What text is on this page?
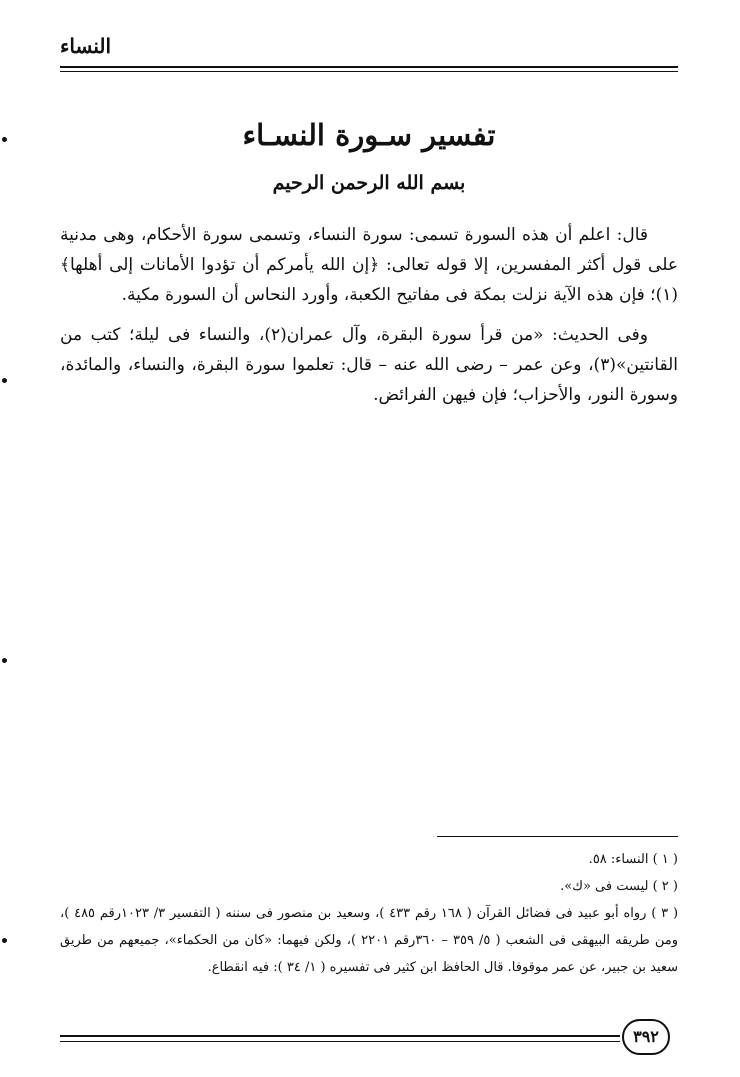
النساء
تفسير سـورة النسـاء
بسم الله الرحمن الرحيم

قال: اعلم أن هذه السورة تسمى: سورة النساء، وتسمى سورة الأحكام، وهى مدنية على قول أكثر المفسرين، إلا قوله تعالى: ﴿إن الله يأمركم أن تؤدوا الأمانات إلى أهلها﴾(١)؛ فإن هذه الآية نزلت بمكة فى مفاتيح الكعبة، وأورد النحاس أن السورة مكية.

وفى الحديث: «من قرأ سورة البقرة، وآل عمران(٢)، والنساء فى ليلة؛ كتب من القانتين»(٣)، وعن عمر – رضى الله عنه – قال: تعلموا سورة البقرة، والنساء، والمائدة، وسورة النور، والأحزاب؛ فإن فيهن الفرائض.

( ١ ) النساء: ٥٨.
( ٢ ) ليست فى «ك».
( ٣ ) رواه أبو عبيد فى فضائل القرآن ( ١٦٨ رقم ٤٣٣ )، وسعيد بن منصور فى سننه ( التفسير ٣/ ١٠٢٣رقم ٤٨٥ )، ومن طريقه البيهقى فى الشعب ( ٥/ ٣٥٩ – ٣٦٠رقم ٢٢٠١ )، ولكن فيهما: «كان من الحكماء»، جميعهم من طريق سعيد بن جبير، عن عمر موقوفا. قال الحافظ ابن كثير فى تفسيره ( ١/ ٣٤ ): فيه انقطاع.
٣٩٢
